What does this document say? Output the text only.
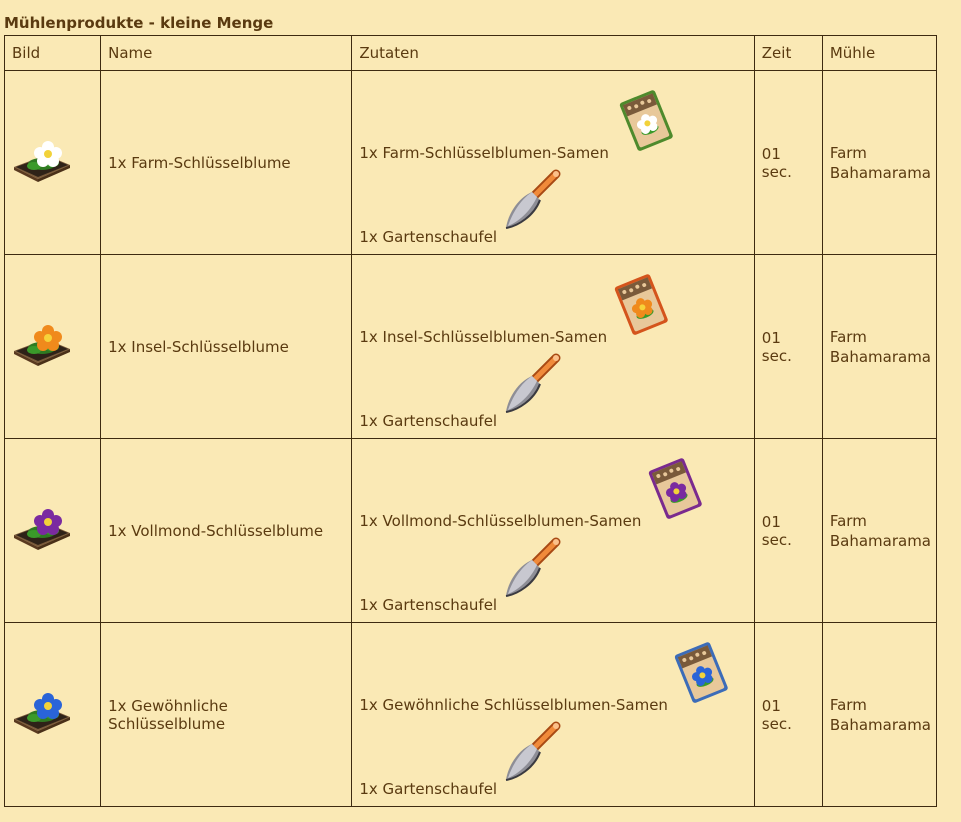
Mühlenprodukte - kleine Menge
Bild	Name	Zutaten	Zeit	Mühle
	1x Farm-Schlüsselblume	1x Farm-Schlüsselblumen-Samen
1x Gartenschaufel	01 sec.	Farm
Bahamarama
	1x Insel-Schlüsselblume	1x Insel-Schlüsselblumen-Samen
1x Gartenschaufel	01 sec.	Farm
Bahamarama
	1x Vollmond-Schlüsselblume	1x Vollmond-Schlüsselblumen-Samen
1x Gartenschaufel	01 sec.	Farm
Bahamarama
	1x Gewöhnliche Schlüsselblume	1x Gewöhnliche Schlüsselblumen-Samen
1x Gartenschaufel	01 sec.	Farm
Bahamarama
